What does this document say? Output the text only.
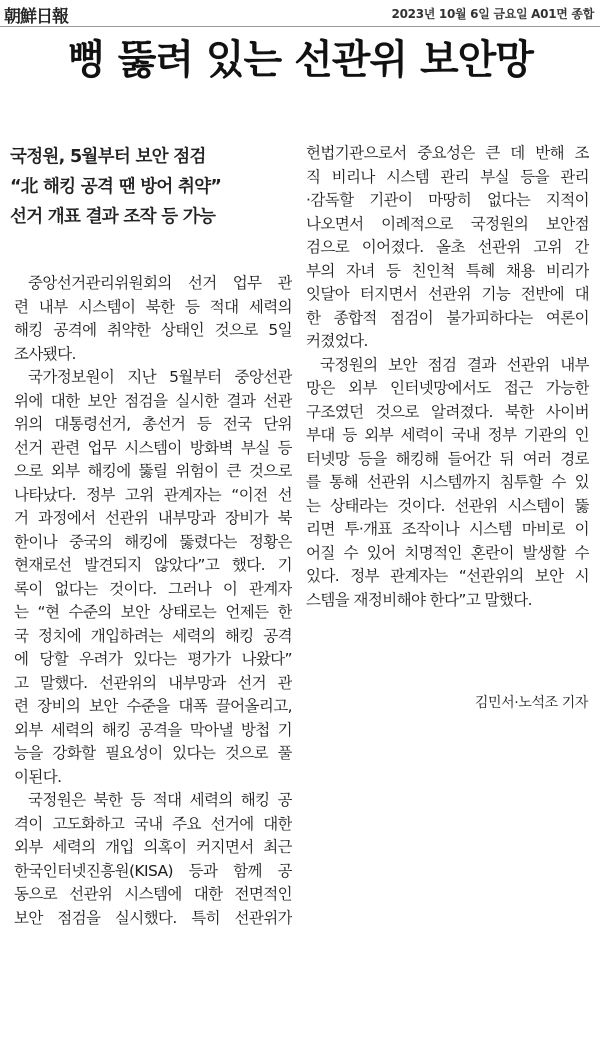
朝鮮日報	2023년 10월 6일 금요일 A01면 종합
뻥 뚫려 있는 선관위 보안망
국정원, 5월부터 보안 점검
“北 해킹 공격 땐 방어 취약”
선거 개표 결과 조작 등 가능
중앙선거관리위원회의 선거 업무 관
련 내부 시스템이 북한 등 적대 세력의
해킹 공격에 취약한 상태인 것으로 5일
조사됐다.
국가정보원이 지난 5월부터 중앙선관
위에 대한 보안 점검을 실시한 결과 선관
위의 대통령선거, 총선거 등 전국 단위
선거 관련 업무 시스템이 방화벽 부실 등
으로 외부 해킹에 뚫릴 위험이 큰 것으로
나타났다. 정부 고위 관계자는 “이전 선
거 과정에서 선관위 내부망과 장비가 북
한이나 중국의 해킹에 뚫렸다는 정황은
현재로선 발견되지 않았다”고 했다. 기
록이 없다는 것이다. 그러나 이 관계자
는 “현 수준의 보안 상태로는 언제든 한
국 정치에 개입하려는 세력의 해킹 공격
에 당할 우려가 있다는 평가가 나왔다”
고 말했다. 선관위의 내부망과 선거 관
련 장비의 보안 수준을 대폭 끌어올리고,
외부 세력의 해킹 공격을 막아낼 방첩 기
능을 강화할 필요성이 있다는 것으로 풀
이된다.
국정원은 북한 등 적대 세력의 해킹 공
격이 고도화하고 국내 주요 선거에 대한
외부 세력의 개입 의혹이 커지면서 최근
한국인터넷진흥원(KISA) 등과 함께 공
동으로 선관위 시스템에 대한 전면적인
보안 점검을 실시했다. 특히 선관위가
헌법기관으로서 중요성은 큰 데 반해 조
직 비리나 시스템 관리 부실 등을 관리
·감독할 기관이 마땅히 없다는 지적이
나오면서 이례적으로 국정원의 보안점
검으로 이어졌다. 올초 선관위 고위 간
부의 자녀 등 친인척 특혜 채용 비리가
잇달아 터지면서 선관위 기능 전반에 대
한 종합적 점검이 불가피하다는 여론이
커졌었다.
국정원의 보안 점검 결과 선관위 내부
망은 외부 인터넷망에서도 접근 가능한
구조였던 것으로 알려졌다. 북한 사이버
부대 등 외부 세력이 국내 정부 기관의 인
터넷망 등을 해킹해 들어간 뒤 여러 경로
를 통해 선관위 시스템까지 침투할 수 있
는 상태라는 것이다. 선관위 시스템이 뚫
리면 투·개표 조작이나 시스템 마비로 이
어질 수 있어 치명적인 혼란이 발생할 수
있다. 정부 관계자는 “선관위의 보안 시
스템을 재정비해야 한다”고 말했다.
김민서·노석조 기자
